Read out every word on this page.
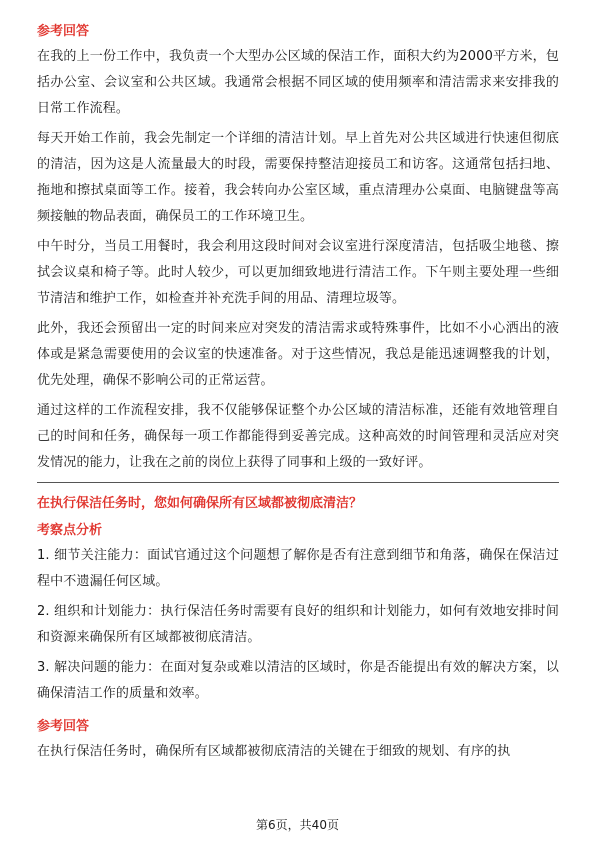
参考回答

在我的上一份工作中，我负责一个大型办公区域的保洁工作，面积大约为2000平方米，包括办公室、会议室和公共区域。我通常会根据不同区域的使用频率和清洁需求来安排我的日常工作流程。

每天开始工作前，我会先制定一个详细的清洁计划。早上首先对公共区域进行快速但彻底的清洁，因为这是人流量最大的时段，需要保持整洁迎接员工和访客。这通常包括扫地、拖地和擦拭桌面等工作。接着，我会转向办公室区域，重点清理办公桌面、电脑键盘等高频接触的物品表面，确保员工的工作环境卫生。

中午时分，当员工用餐时，我会利用这段时间对会议室进行深度清洁，包括吸尘地毯、擦拭会议桌和椅子等。此时人较少，可以更加细致地进行清洁工作。下午则主要处理一些细节清洁和维护工作，如检查并补充洗手间的用品、清理垃圾等。

此外，我还会预留出一定的时间来应对突发的清洁需求或特殊事件，比如不小心洒出的液体或是紧急需要使用的会议室的快速准备。对于这些情况，我总是能迅速调整我的计划，优先处理，确保不影响公司的正常运营。

通过这样的工作流程安排，我不仅能够保证整个办公区域的清洁标准，还能有效地管理自己的时间和任务，确保每一项工作都能得到妥善完成。这种高效的时间管理和灵活应对突发情况的能力，让我在之前的岗位上获得了同事和上级的一致好评。

在执行保洁任务时，您如何确保所有区域都被彻底清洁？
考察点分析

1. 细节关注能力：面试官通过这个问题想了解你是否有注意到细节和角落，确保在保洁过程中不遗漏任何区域。

2. 组织和计划能力：执行保洁任务时需要有良好的组织和计划能力，如何有效地安排时间和资源来确保所有区域都被彻底清洁。

3. 解决问题的能力：在面对复杂或难以清洁的区域时，你是否能提出有效的解决方案，以确保清洁工作的质量和效率。

参考回答

在执行保洁任务时，确保所有区域都被彻底清洁的关键在于细致的规划、有序的执

第6页，共40页
